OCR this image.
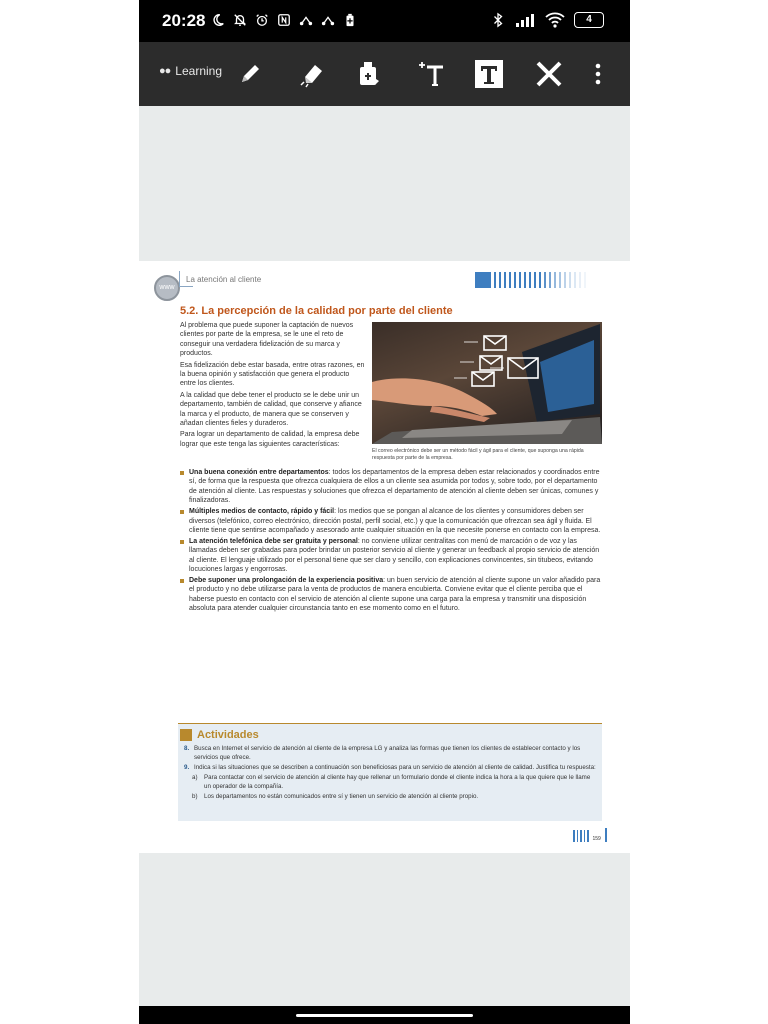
20:28	4
●● Learning
www
La atención al cliente
5.2. La percepción de la calidad por parte del cliente

Al problema que puede suponer la captación de nuevos clientes por parte de la empresa, se le une el reto de conseguir una verdadera fidelización de su marca y productos.

Esa fidelización debe estar basada, entre otras razones, en la buena opinión y satisfacción que genera el producto entre los clientes.

A la calidad que debe tener el producto se le debe unir un departamento, también de calidad, que conserve y afiance la marca y el producto, de manera que se conserven y añadan clientes fieles y duraderos.

Para lograr un departamento de calidad, la empresa debe lograr que este tenga las siguientes características:

El correo electrónico debe ser un método fácil y ágil para el cliente, que suponga una rápida respuesta por parte de la empresa.
Una buena conexión entre departamentos: todos los departamentos de la empresa deben estar relacionados y coordinados entre sí, de forma que la respuesta que ofrezca cualquiera de ellos a un cliente sea asumida por todos y, sobre todo, por el departamento de atención al cliente. Las respuestas y soluciones que ofrezca el departamento de atención al cliente deben ser únicas, comunes y finalizadoras.
Múltiples medios de contacto, rápido y fácil: los medios que se pongan al alcance de los clientes y consumidores deben ser diversos (telefónico, correo electrónico, dirección postal, perfil social, etc.) y que la comunicación que ofrezcan sea ágil y fluida. El cliente tiene que sentirse acompañado y asesorado ante cualquier situación en la que necesite ponerse en contacto con la empresa.
La atención telefónica debe ser gratuita y personal: no conviene utilizar centralitas con menú de marcación o de voz y las llamadas deben ser grabadas para poder brindar un posterior servicio al cliente y generar un feedback al propio servicio de atención al cliente. El lenguaje utilizado por el personal tiene que ser claro y sencillo, con explicaciones convincentes, sin titubeos, evitando locuciones largas y engorrosas.
Debe suponer una prolongación de la experiencia positiva: un buen servicio de atención al cliente supone un valor añadido para el producto y no debe utilizarse para la venta de productos de manera encubierta. Conviene evitar que el cliente perciba que el haberse puesto en contacto con el servicio de atención al cliente supone una carga para la empresa y transmitir una disposición absoluta para atender cualquier circunstancia tanto en ese momento como en el futuro.
Actividades
8. Busca en Internet el servicio de atención al cliente de la empresa LG y analiza las formas que tienen los clientes de establecer contacto y los servicios que ofrece.
9. Indica si las situaciones que se describen a continuación son beneficiosas para un servicio de atención al cliente de calidad. Justifica tu respuesta:
a) Para contactar con el servicio de atención al cliente hay que rellenar un formulario donde el cliente indica la hora a la que quiere que le llame un operador de la compañía.
b) Los departamentos no están comunicados entre sí y tienen un servicio de atención al cliente propio.
159
